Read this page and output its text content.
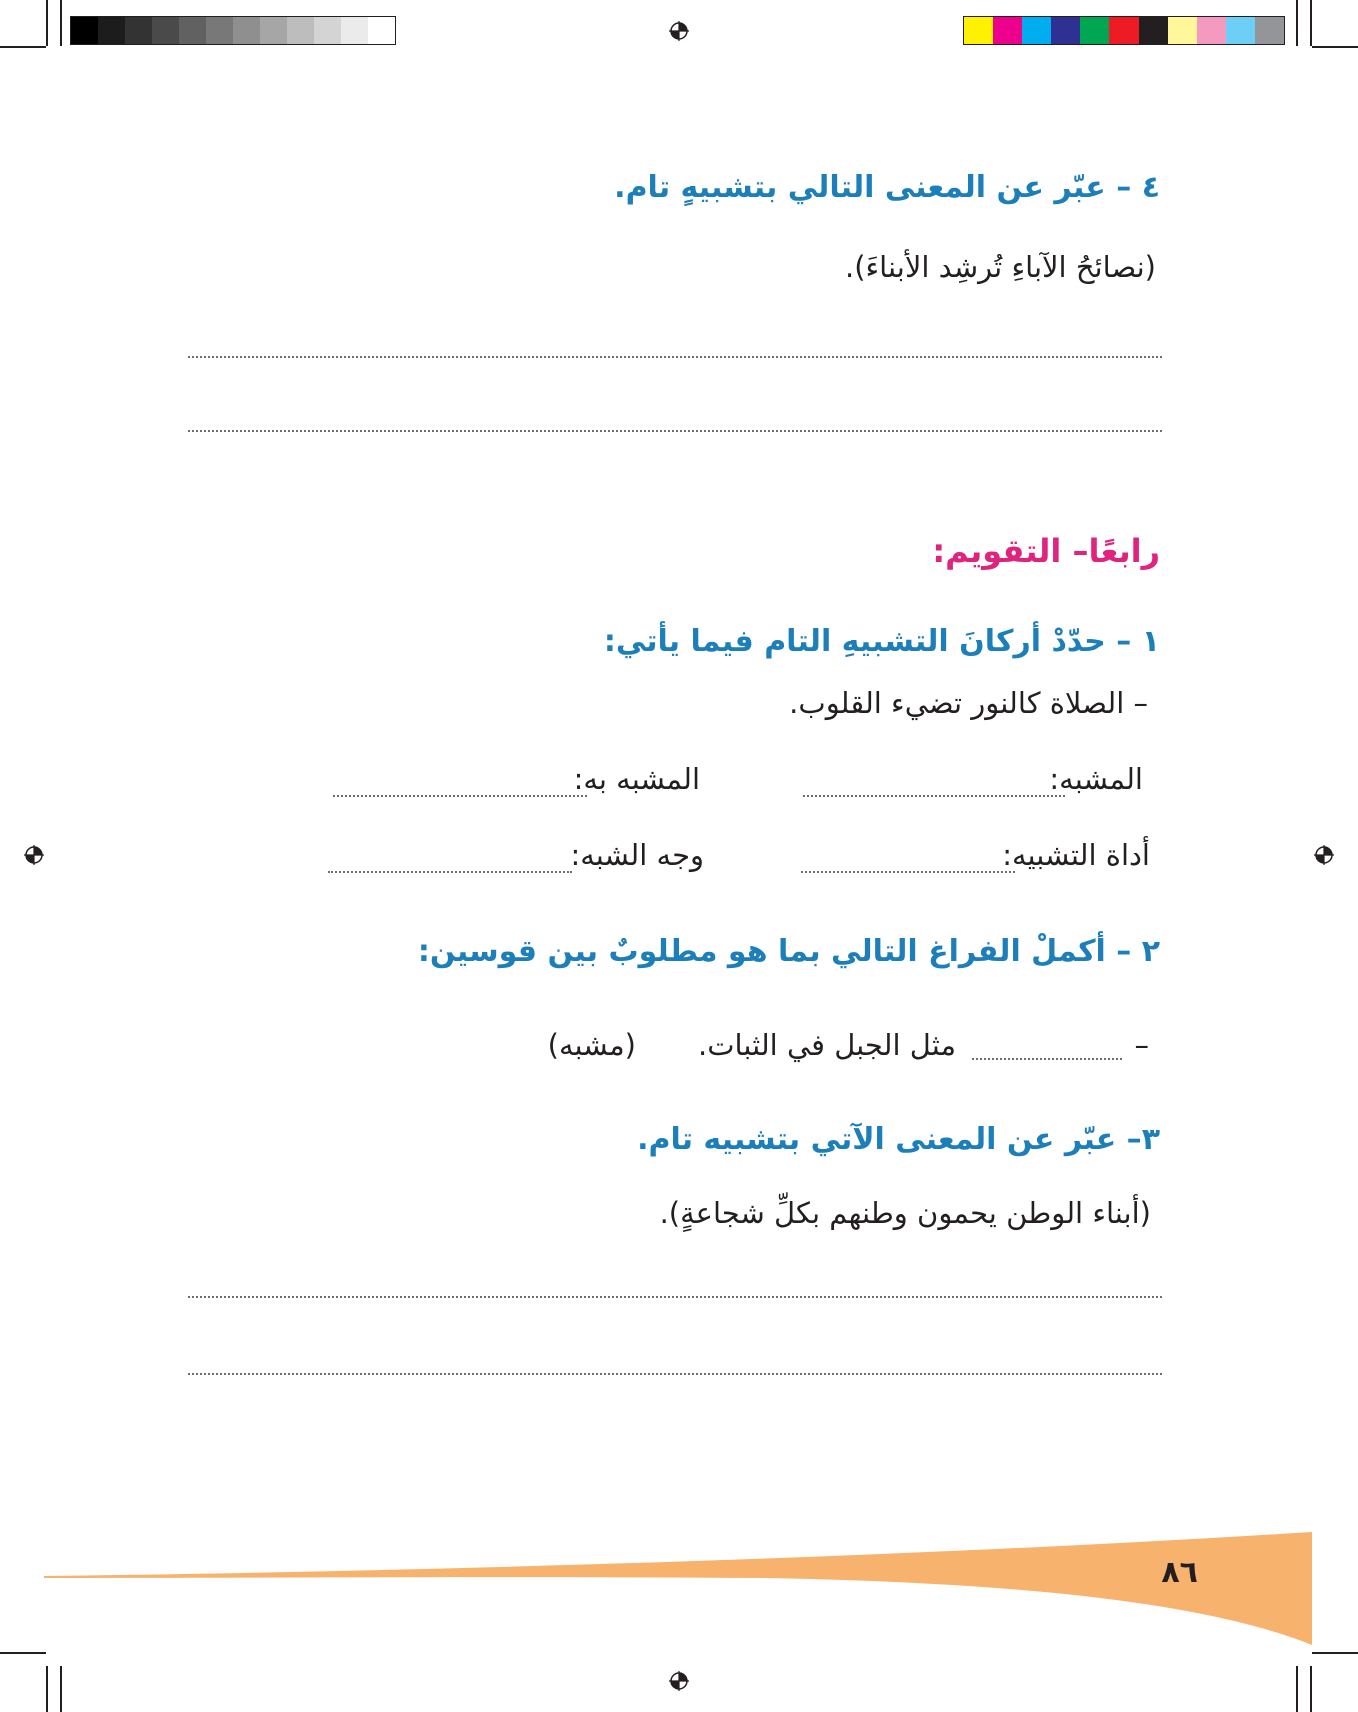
٤ – عبّر عن المعنى التالي بتشبيهٍ تام.
(نصائحُ الآباءِ تُرشِد الأبناءَ).
رابعًا– التقويم:
١ – حدّدْ أركانَ التشبيهِ التام فيما يأتي:
– الصلاة كالنور تضيء القلوب.
المشبه:
المشبه به:
أداة التشبيه:
وجه الشبه:
٢ – أكملْ الفراغ التالي بما هو مطلوبٌ بين قوسين:
–
مثل الجبل في الثبات.
(مشبه)
٣– عبّر عن المعنى الآتي بتشبيه تام.
(أبناء الوطن يحمون وطنهم بكلِّ شجاعةٍ).
٨٦
